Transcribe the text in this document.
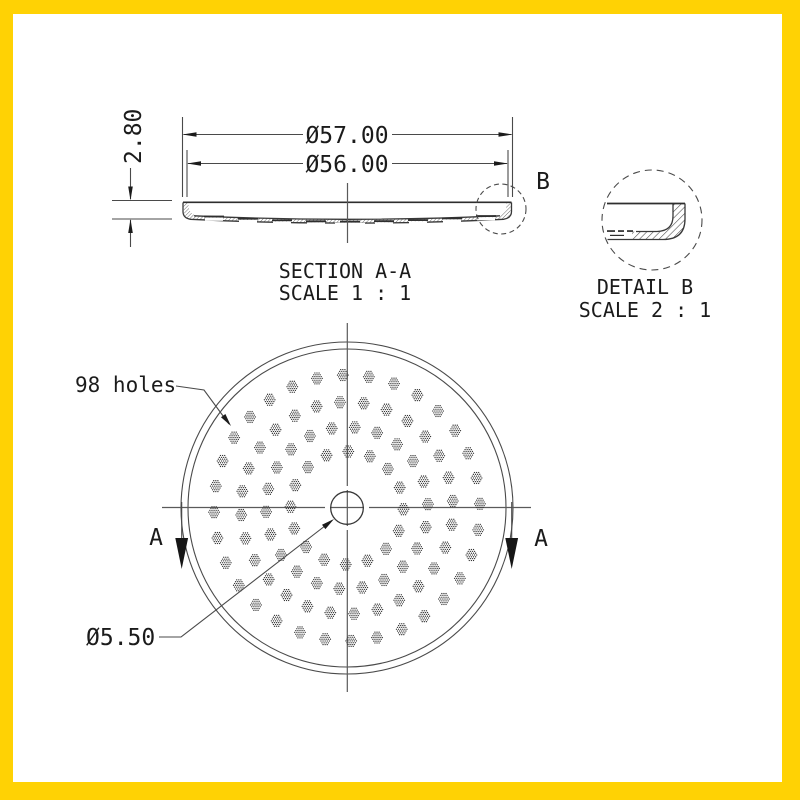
Ø57.00
Ø56.00
2.80
B
SECTION A-A
SCALE 1 : 1	DETAIL B
SCALE 2 : 1
98 holes
Ø5.50
A	A
